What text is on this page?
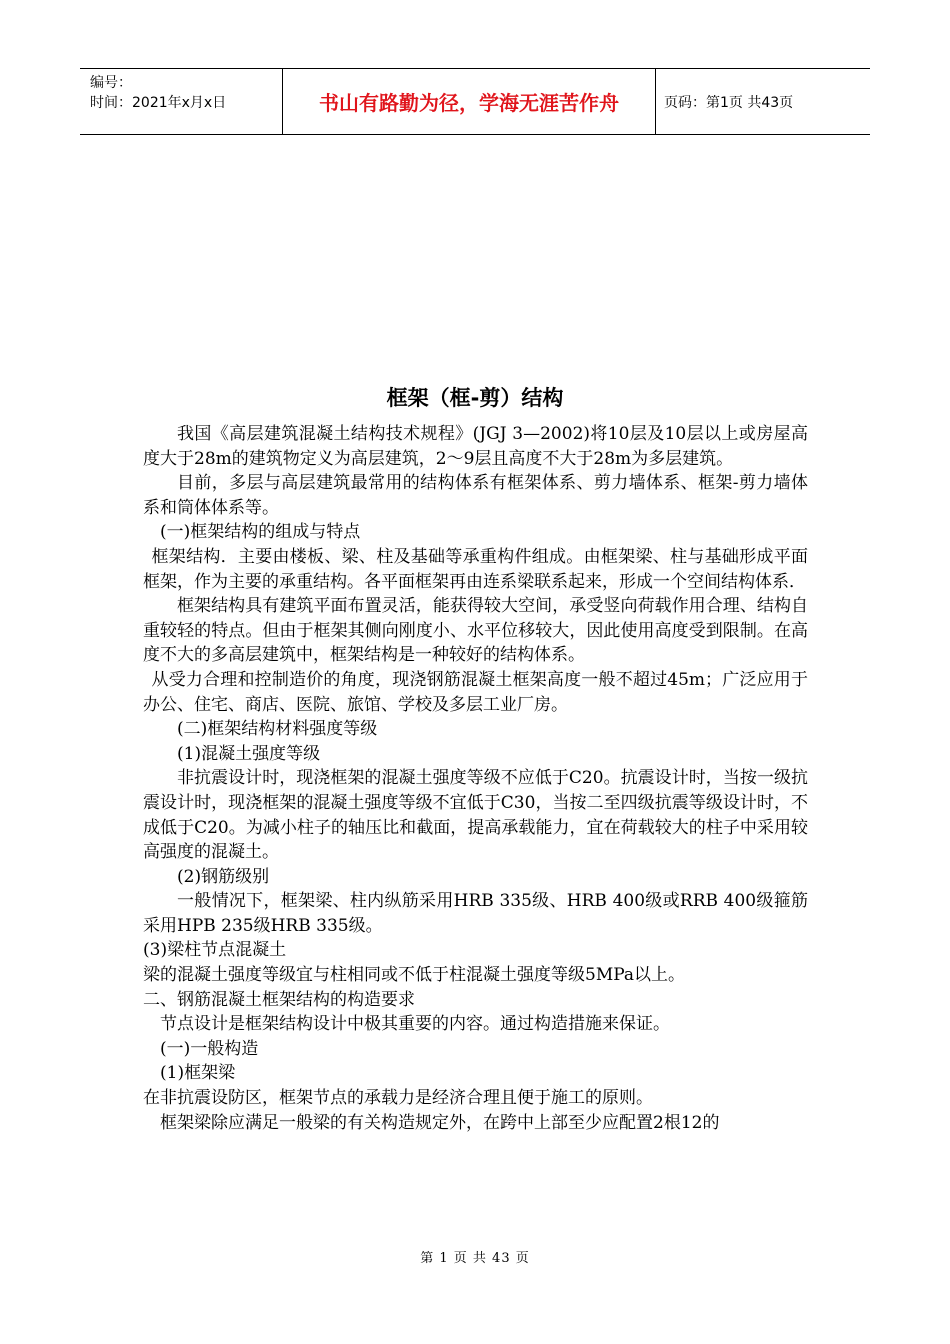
编号：
时间：2021年x月x日	书山有路勤为径，学海无涯苦作舟	页码：第1页 共43页
框架（框-剪）结构

我国《高层建筑混凝土结构技术规程》(JGJ 3—2002)将10层及10层以上或房屋高度大于28m的建筑物定义为高层建筑，2～9层且高度不大于28m为多层建筑。

目前，多层与高层建筑最常用的结构体系有框架体系、剪力墙体系、框架-剪力墙体系和筒体体系等。

(一)框架结构的组成与特点

框架结构．主要由楼板、梁、柱及基础等承重构件组成。由框架梁、柱与基础形成平面框架，作为主要的承重结构。各平面框架再由连系梁联系起来，形成一个空间结构体系．

框架结构具有建筑平面布置灵活，能获得较大空间，承受竖向荷载作用合理、结构自重较轻的特点。但由于框架其侧向刚度小、水平位移较大，因此使用高度受到限制。在高度不大的多高层建筑中，框架结构是一种较好的结构体系。

从受力合理和控制造价的角度，现浇钢筋混凝土框架高度一般不超过45m；广泛应用于办公、住宅、商店、医院、旅馆、学校及多层工业厂房。

(二)框架结构材料强度等级

(1)混凝土强度等级

非抗震设计时，现浇框架的混凝土强度等级不应低于C20。抗震设计时，当按一级抗震设计时，现浇框架的混凝土强度等级不宜低于C30，当按二至四级抗震等级设计时，不成低于C20。为减小柱子的轴压比和截面，提高承载能力，宜在荷载较大的柱子中采用较高强度的混凝土。

(2)钢筋级别

一般情况下，框架梁、柱内纵筋采用HRB 335级、HRB 400级或RRB 400级箍筋采用HPB 235级HRB 335级。

(3)梁柱节点混凝土

梁的混凝土强度等级宜与柱相同或不低于柱混凝土强度等级5MPa以上。

二、钢筋混凝土框架结构的构造要求

节点设计是框架结构设计中极其重要的内容。通过构造措施来保证。

(一)一般构造

(1)框架梁

在非抗震设防区，框架节点的承载力是经济合理且便于施工的原则。

框架梁除应满足一般梁的有关构造规定外，在跨中上部至少应配置2根12的

第 1 页 共 43 页
